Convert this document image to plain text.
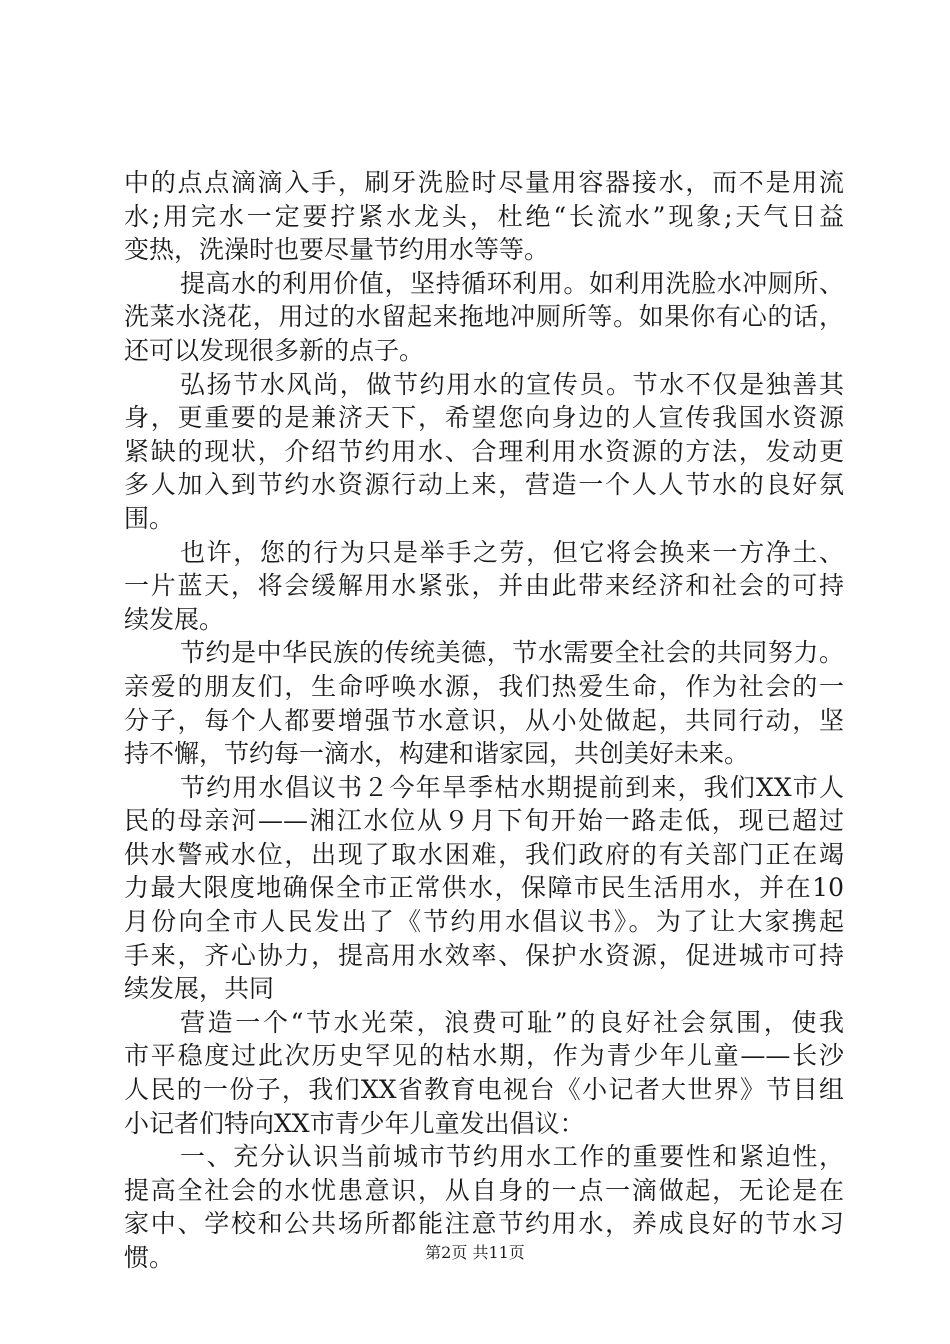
中的点点滴滴入手，刷牙洗脸时尽量用容器接水，而不是用流
水;用完水一定要拧紧水龙头，杜绝“长流水”现象;天气日益
变热，洗澡时也要尽量节约用水等等。
提高水的利用价值，坚持循环利用。如利用洗脸水冲厕所、
洗菜水浇花，用过的水留起来拖地冲厕所等。如果你有心的话，
还可以发现很多新的点子。
弘扬节水风尚，做节约用水的宣传员。节水不仅是独善其
身，更重要的是兼济天下，希望您向身边的人宣传我国水资源
紧缺的现状，介绍节约用水、合理利用水资源的方法，发动更
多人加入到节约水资源行动上来，营造一个人人节水的良好氛
围。
也许，您的行为只是举手之劳，但它将会换来一方净土、
一片蓝天，将会缓解用水紧张，并由此带来经济和社会的可持
续发展。
节约是中华民族的传统美德，节水需要全社会的共同努力。
亲爱的朋友们，生命呼唤水源，我们热爱生命，作为社会的一
分子，每个人都要增强节水意识，从小处做起，共同行动，坚
持不懈，节约每一滴水，构建和谐家园，共创美好未来。
节约用水倡议书２今年旱季枯水期提前到来，我们XX市人
民的母亲河——湘江水位从９月下旬开始一路走低，现已超过
供水警戒水位，出现了取水困难，我们政府的有关部门正在竭
力最大限度地确保全市正常供水，保障市民生活用水，并在10
月份向全市人民发出了《节约用水倡议书》。为了让大家携起
手来，齐心协力，提高用水效率、保护水资源，促进城市可持
续发展，共同
营造一个“节水光荣，浪费可耻”的良好社会氛围，使我
市平稳度过此次历史罕见的枯水期，作为青少年儿童——长沙
人民的一份子，我们XX省教育电视台《小记者大世界》节目组
小记者们特向XX市青少年儿童发出倡议：
一、充分认识当前城市节约用水工作的重要性和紧迫性，
提高全社会的水忧患意识，从自身的一点一滴做起，无论是在
家中、学校和公共场所都能注意节约用水，养成良好的节水习
惯。	第2页 共11页
